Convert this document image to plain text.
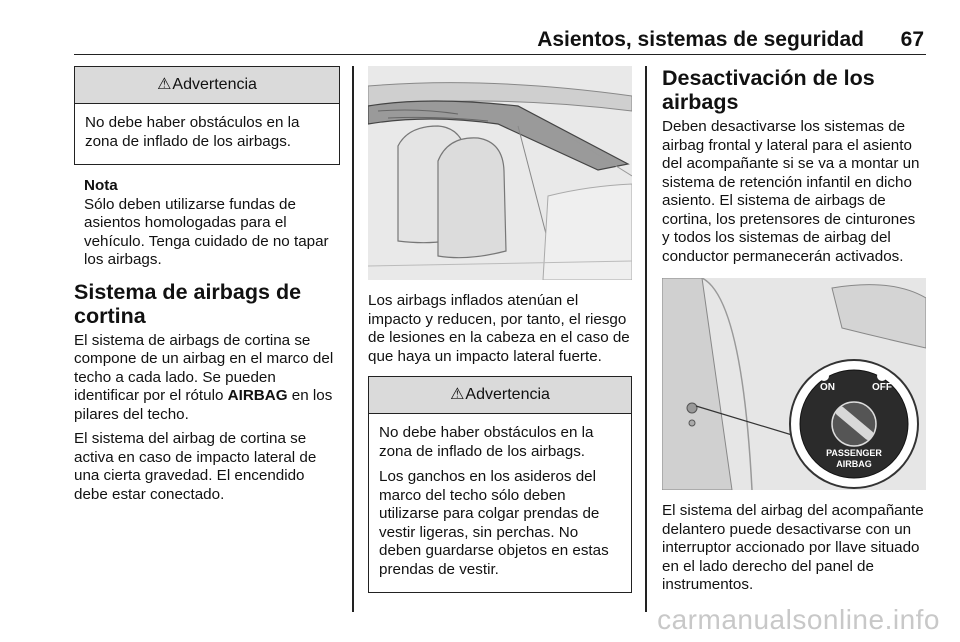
Asientos, sistemas de seguridad 67
⚠ Advertencia

No debe haber obstáculos en la zona de inflado de los airbags.

Nota

Sólo deben utilizarse fundas de asientos homologadas para el vehículo. Tenga cuidado de no tapar los airbags.

Sistema de airbags de cortina

El sistema de airbags de cortina se compone de un airbag en el marco del techo a cada lado. Se pueden identificar por el rótulo AIRBAG en los pilares del techo.

El sistema del airbag de cortina se activa en caso de impacto lateral de una cierta gravedad. El encendido debe estar conectado.

Los airbags inflados atenúan el impacto y reducen, por tanto, el riesgo de lesiones en la cabeza en el caso de que haya un impacto lateral fuerte.

⚠ Advertencia

No debe haber obstáculos en la zona de inflado de los airbags.

Los ganchos en los asideros del marco del techo sólo deben utilizarse para colgar prendas de vestir ligeras, sin perchas. No deben guardarse objetos en estas prendas de vestir.

Desactivación de los airbags

Deben desactivarse los sistemas de airbag frontal y lateral para el asiento del acompañante si se va a montar un sistema de retención infantil en dicho asiento. El sistema de airbags de cortina, los pretensores de cinturones y todos los sistemas de airbag del conductor permanecerán activados.

ON	OFF
PASSENGER
AIRBAG

El sistema del airbag del acompañante delantero puede desactivarse con un interruptor accionado por llave situado en el lado derecho del panel de instrumentos.

carmanualsonline.info
